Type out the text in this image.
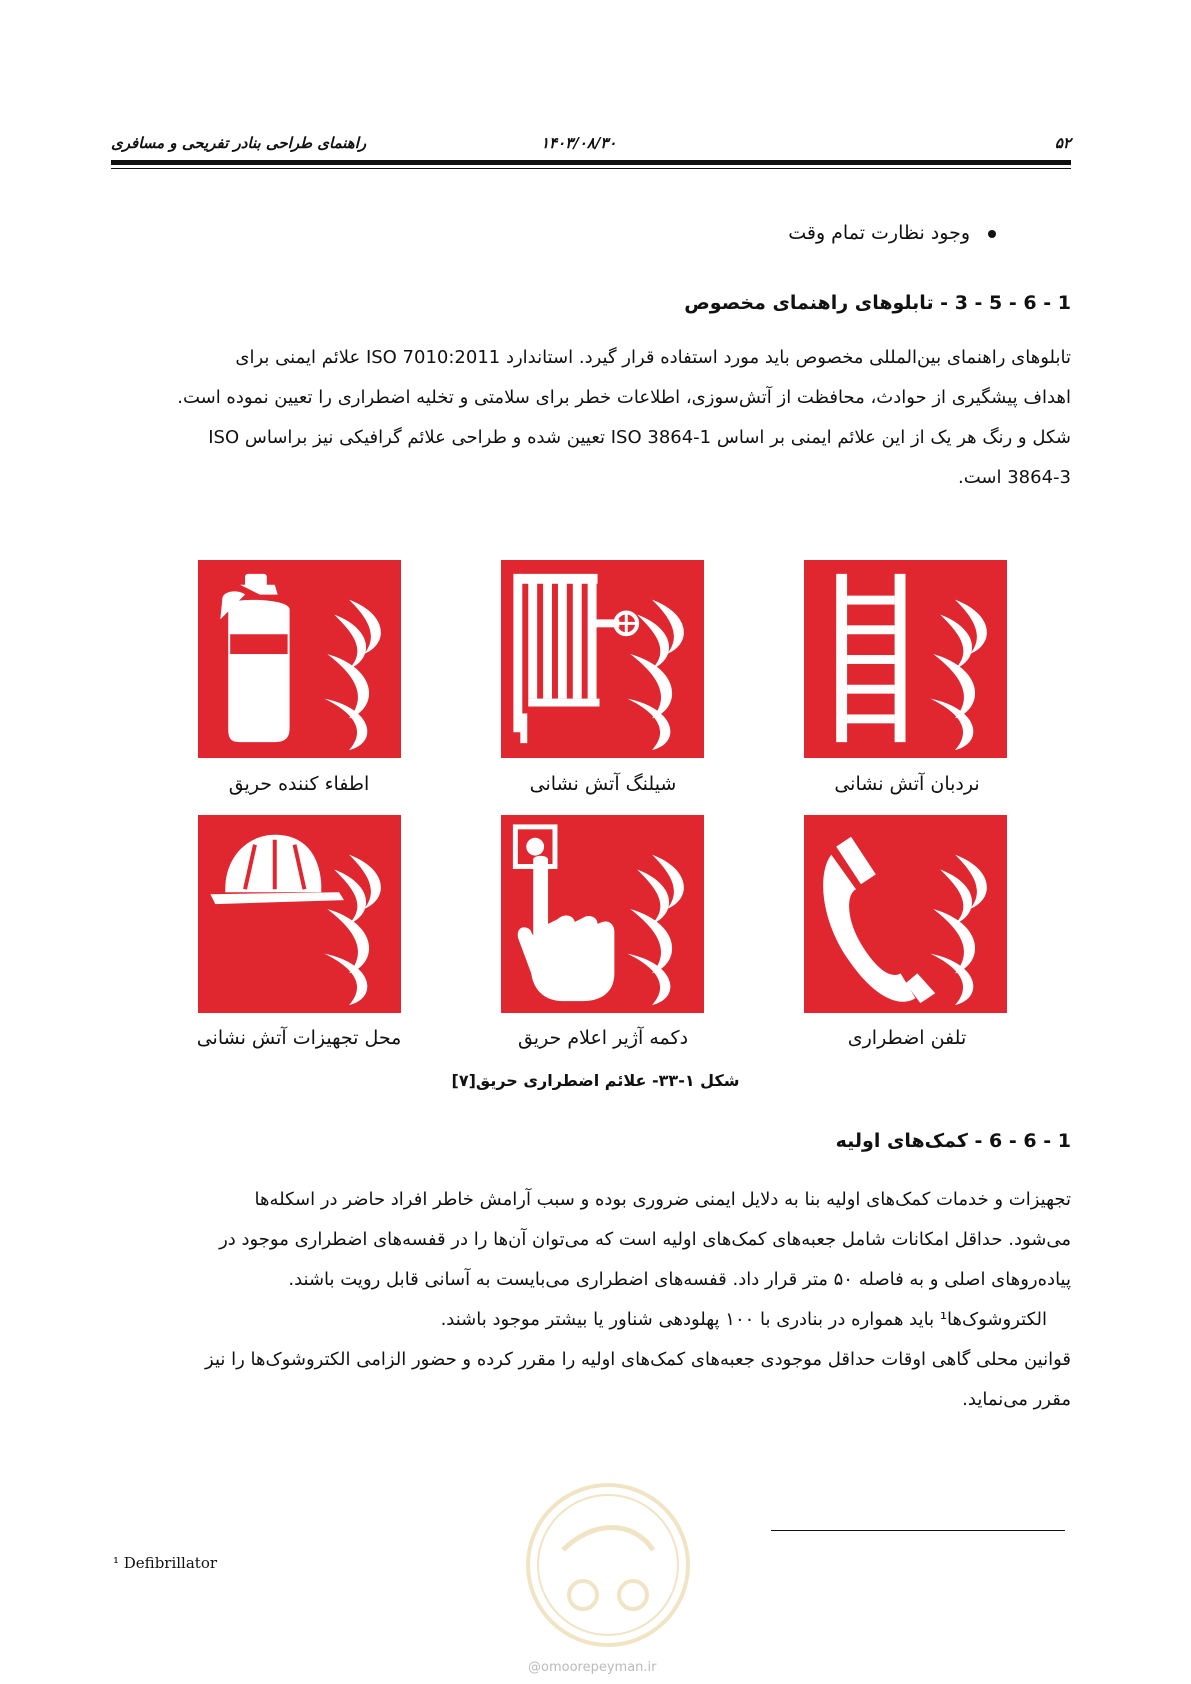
۵۲
۱۴۰۳/۰۸/۳۰
راهنمای طراحی بنادر تفریحی و مسافری
وجود نظارت تمام وقت
1 - 6 - 5 - 3 - تابلوهای راهنمای مخصوص

تابلوهای راهنمای بین‌المللی مخصوص باید مورد استفاده قرار گیرد. استاندارد ISO 7010:2011 علائم ایمنی برای

اهداف پیشگیری از حوادث، محافظت از آتش‌سوزی، اطلاعات خطر برای سلامتی و تخلیه اضطراری را تعیین نموده است.

شکل و رنگ هر یک از این علائم ایمنی بر اساس ISO 3864-1 تعیین شده و طراحی علائم گرافیکی نیز براساس ISO

3864-3 است.

نردبان آتش نشانی
شیلنگ آتش نشانی
اطفاء کننده حریق
تلفن اضطراری
دکمه آژیر اعلام حریق
محل تجهیزات آتش نشانی
شکل ۱-۳۳- علائم اضطراری حریق[۷]
1 - 6 - 6 - کمک‌های اولیه

تجهیزات و خدمات کمک‌های اولیه بنا به دلایل ایمنی ضروری بوده و سبب آرامش خاطر افراد حاضر در اسکله‌ها

می‌شود. حداقل امکانات شامل جعبه‌های کمک‌های اولیه است که می‌توان آن‌ها را در قفسه‌های اضطراری موجود در

پیاده‌روهای اصلی و به فاصله ۵۰ متر قرار داد. قفسه‌های اضطراری می‌بایست به آسانی قابل رویت باشند.

الکتروشوک‌ها¹ باید همواره در بنادری با ۱۰۰ پهلودهی شناور یا بیشتر موجود باشند.

قوانین محلی گاهی اوقات حداقل موجودی جعبه‌های کمک‌های اولیه را مقرر کرده و حضور الزامی الکتروشوک‌ها را نیز

مقرر می‌نماید.

¹ Defibrillator
@omoorepeyman.ir
